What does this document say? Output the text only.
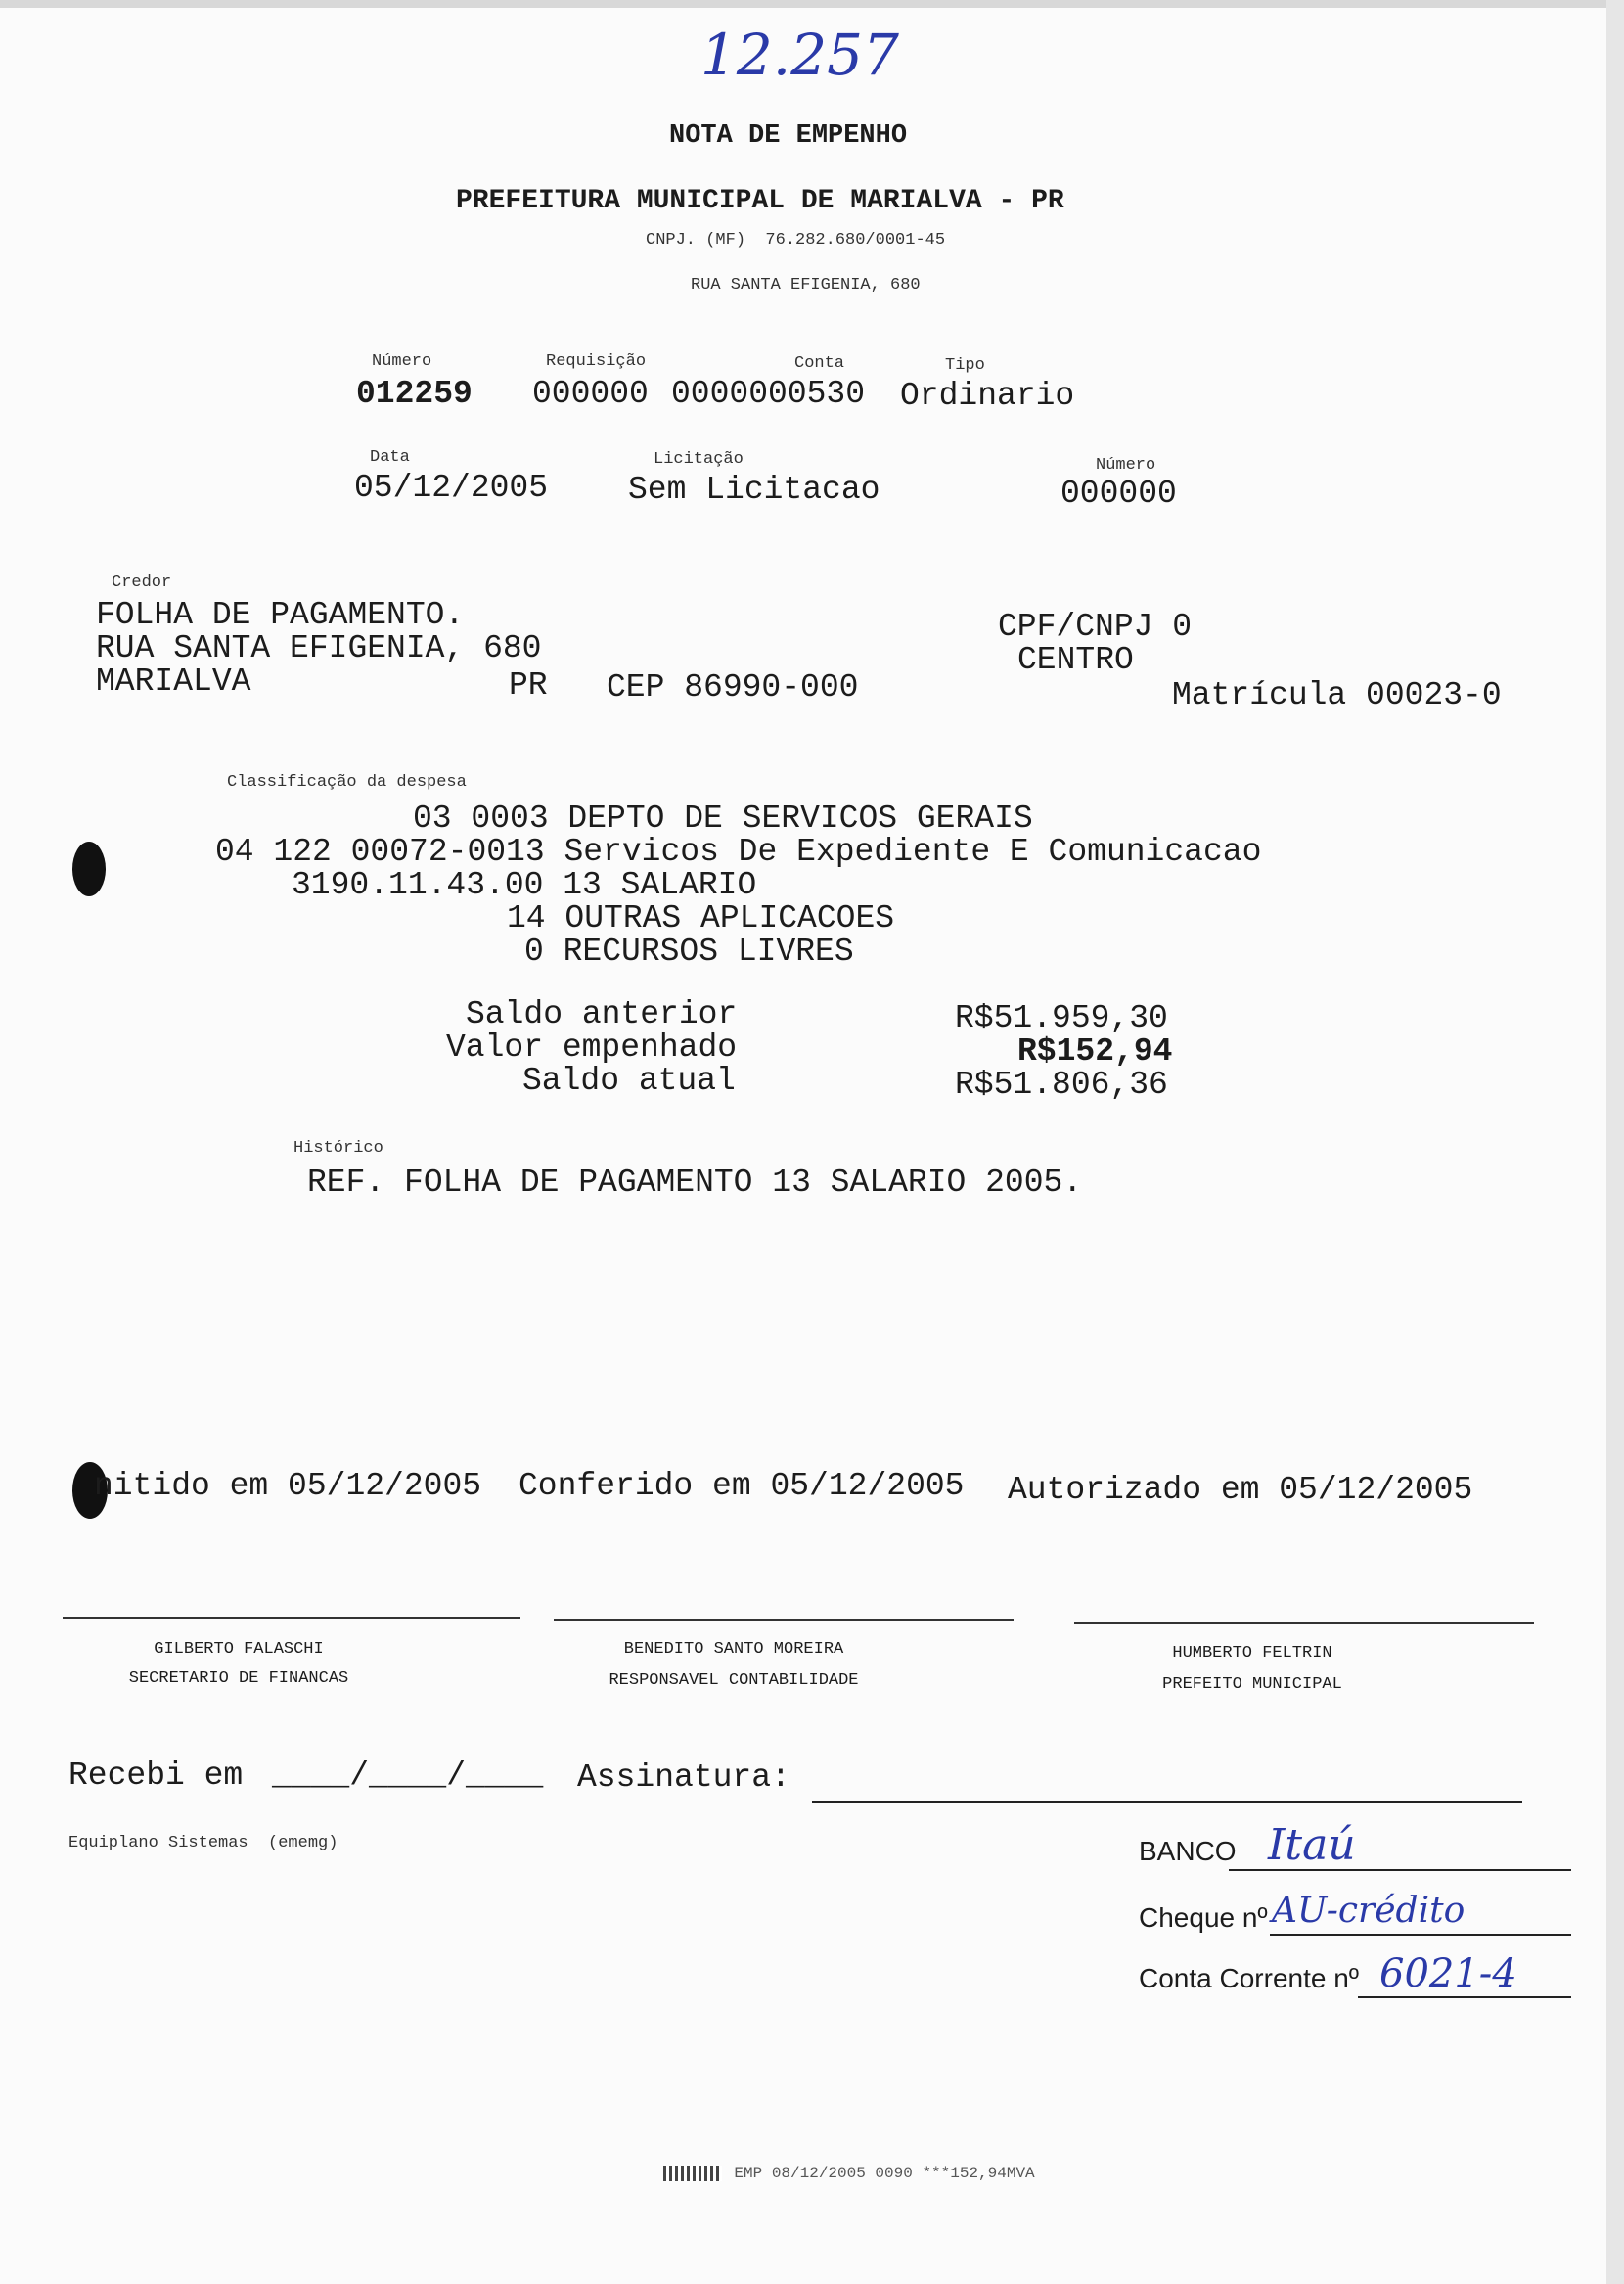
12.257
NOTA DE EMPENHO
PREFEITURA MUNICIPAL DE MARIALVA - PR
CNPJ. (MF)  76.282.680/0001-45
RUA SANTA EFIGENIA, 680
Número
012259
Requisição
000000
Conta
0000000530
Tipo
Ordinario
Data
05/12/2005
Licitação
Sem Licitacao
Número
000000
Credor
FOLHA DE PAGAMENTO.
RUA SANTA EFIGENIA, 680
MARIALVA	PR CEP 86990-000
CPF/CNPJ 0
CENTRO
Matrícula 00023-0
Classificação da despesa
03 0003 DEPTO DE SERVICOS GERAIS
04 122 00072-0013 Servicos De Expediente E Comunicacao
3190.11.43.00 13 SALARIO
14 OUTRAS APLICACOES
0 RECURSOS LIVRES
Saldo anterior	R$51.959,30
Valor empenhado	R$152,94
Saldo atual	R$51.806,36
Histórico
REF. FOLHA DE PAGAMENTO 13 SALARIO 2005.
nitido em 05/12/2005 Conferido em 05/12/2005 Autorizado em 05/12/2005
GILBERTO FALASCHI
SECRETARIO DE FINANCAS
BENEDITO SANTO MOREIRA
RESPONSAVEL CONTABILIDADE
HUMBERTO FELTRIN
PREFEITO MUNICIPAL
Recebi em ____/____/____ Assinatura:
Equiplano Sistemas  (ememg)	BANCO Itaú
Cheque nº AU-crédito
Conta Corrente nº 6021-4

EMP 08/12/2005 0090 ***152,94MVA
